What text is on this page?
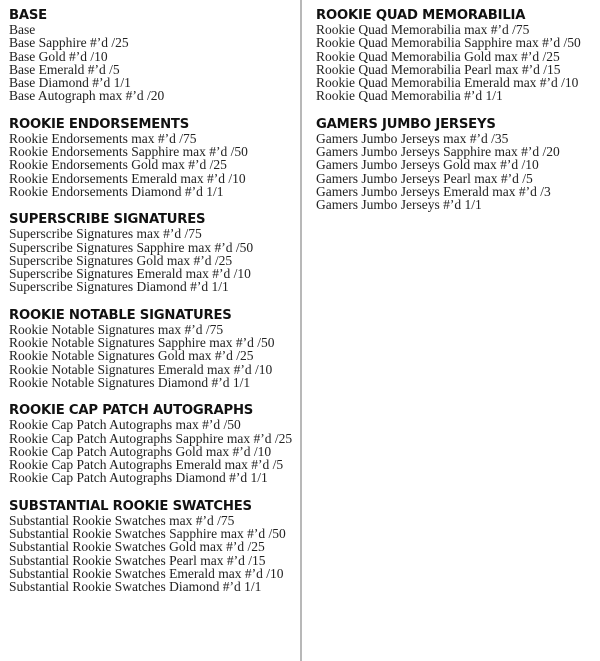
BASE
Base
Base Sapphire #’d /25
Base Gold #’d /10
Base Emerald #’d /5
Base Diamond #’d 1/1
Base Autograph max #’d /20
ROOKIE ENDORSEMENTS
Rookie Endorsements max #’d /75
Rookie Endorsements Sapphire max #’d /50
Rookie Endorsements Gold max #’d /25
Rookie Endorsements Emerald max #’d /10
Rookie Endorsements Diamond #’d 1/1
SUPERSCRIBE SIGNATURES
Superscribe Signatures max #’d /75
Superscribe Signatures Sapphire max #’d /50
Superscribe Signatures Gold max #’d /25
Superscribe Signatures Emerald max #’d /10
Superscribe Signatures Diamond #’d 1/1
ROOKIE NOTABLE SIGNATURES
Rookie Notable Signatures max #’d /75
Rookie Notable Signatures Sapphire max #’d /50
Rookie Notable Signatures Gold max #’d /25
Rookie Notable Signatures Emerald max #’d /10
Rookie Notable Signatures Diamond #’d 1/1
ROOKIE CAP PATCH AUTOGRAPHS
Rookie Cap Patch Autographs max #’d /50
Rookie Cap Patch Autographs Sapphire max #’d /25
Rookie Cap Patch Autographs Gold max #’d /10
Rookie Cap Patch Autographs Emerald max #’d /5
Rookie Cap Patch Autographs Diamond #’d 1/1
SUBSTANTIAL ROOKIE SWATCHES
Substantial Rookie Swatches max #’d /75
Substantial Rookie Swatches Sapphire max #’d /50
Substantial Rookie Swatches Gold max #’d /25
Substantial Rookie Swatches Pearl max #’d /15
Substantial Rookie Swatches Emerald max #’d /10
Substantial Rookie Swatches Diamond #’d 1/1
ROOKIE QUAD MEMORABILIA
Rookie Quad Memorabilia max #’d /75
Rookie Quad Memorabilia Sapphire max #’d /50
Rookie Quad Memorabilia Gold max #’d /25
Rookie Quad Memorabilia Pearl max #’d /15
Rookie Quad Memorabilia Emerald max #’d /10
Rookie Quad Memorabilia #’d 1/1
GAMERS JUMBO JERSEYS
Gamers Jumbo Jerseys max #’d /35
Gamers Jumbo Jerseys Sapphire max #’d /20
Gamers Jumbo Jerseys Gold max #’d /10
Gamers Jumbo Jerseys Pearl max #’d /5
Gamers Jumbo Jerseys Emerald max #’d /3
Gamers Jumbo Jerseys #’d 1/1
